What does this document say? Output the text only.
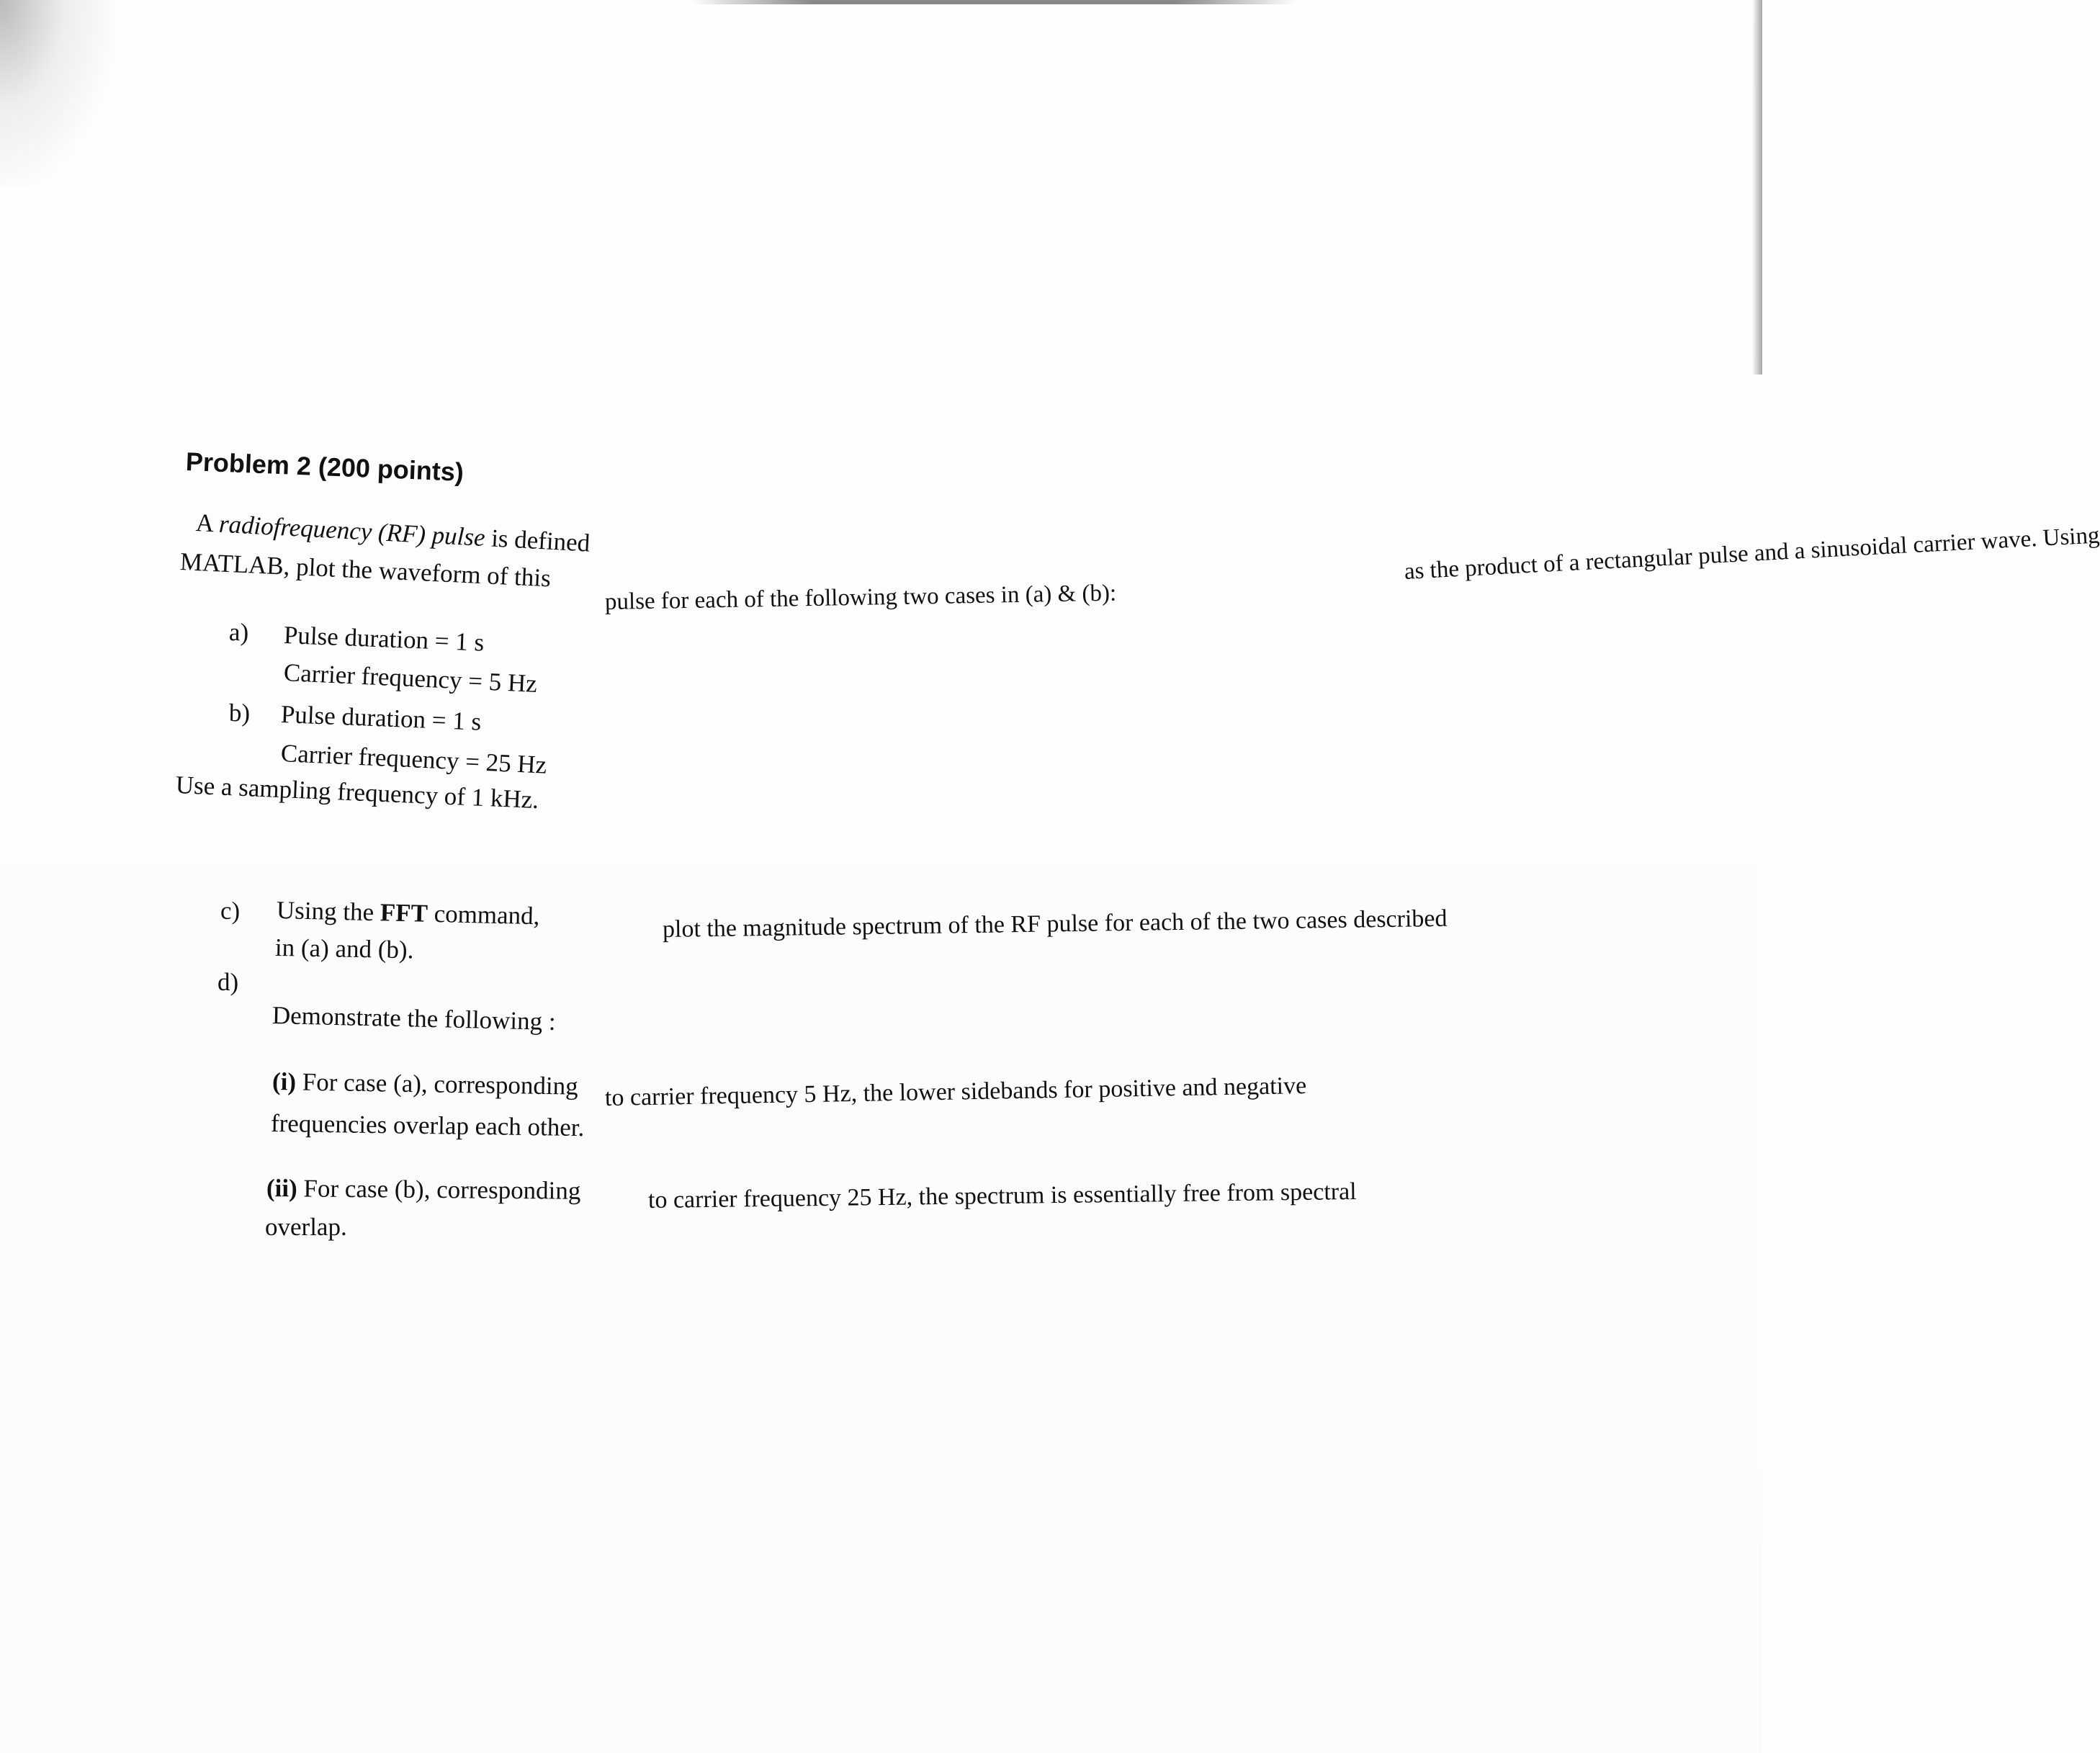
Problem 2 (200 points)
A radiofrequency (RF) pulse is defined	as the product of a rectangular pulse and a sinusoidal carrier wave. Using
MATLAB, plot the waveform of this
pulse for each of the following two cases in (a) & (b):
a) Pulse duration = 1 s
Carrier frequency = 5 Hz
b) Pulse duration = 1 s
Carrier frequency = 25 Hz
Use a sampling frequency of 1 kHz.
c) Using the FFT command,	plot the magnitude spectrum of the RF pulse for each of the two cases described
in (a) and (b).
d)
Demonstrate the following :
(i) For case (a), corresponding to carrier frequency 5 Hz, the lower sidebands for positive and negative
frequencies overlap each other.
(ii) For case (b), corresponding	to carrier frequency 25 Hz, the spectrum is essentially free from spectral
overlap.
